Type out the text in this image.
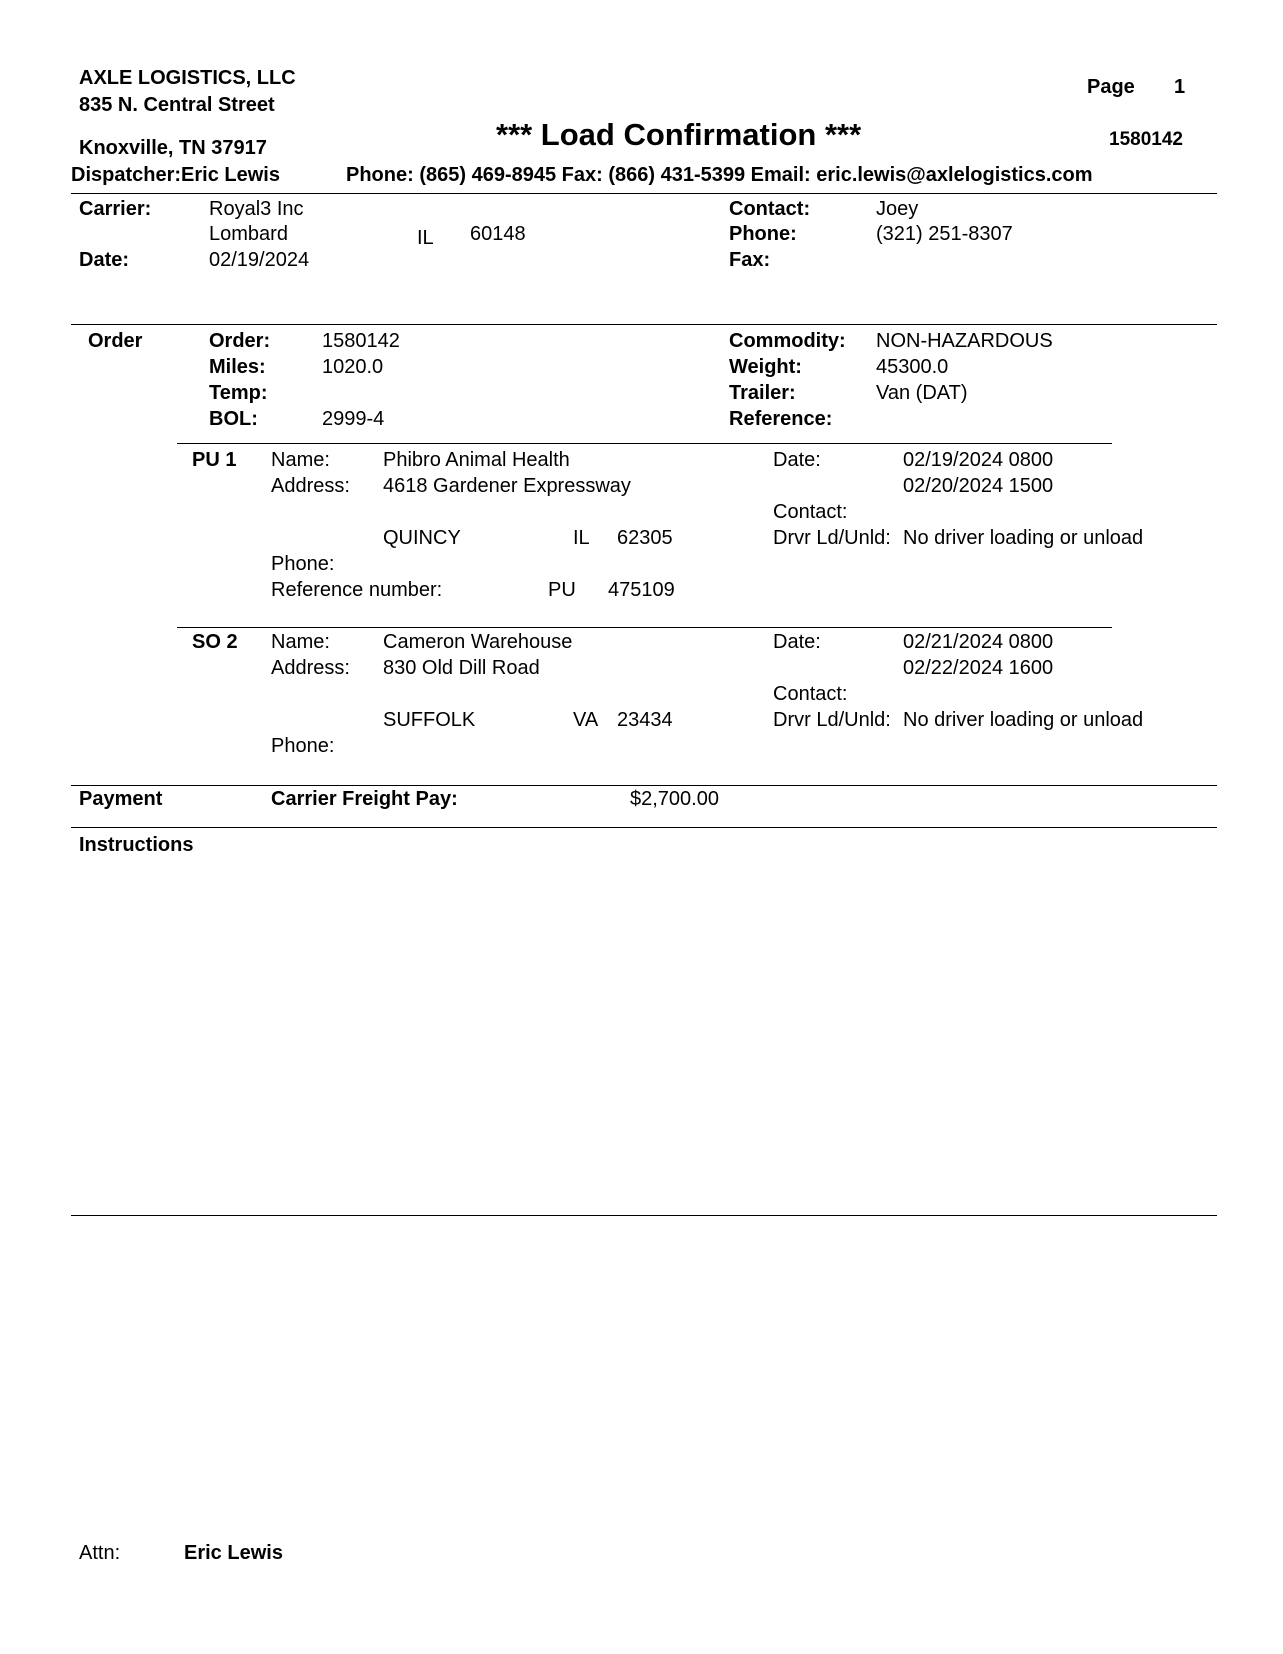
AXLE LOGISTICS, LLC
835 N. Central Street
Knoxville, TN 37917
Dispatcher:Eric Lewis
*** Load Confirmation ***
Phone: (865) 469-8945 Fax: (866) 431-5399 Email: eric.lewis@axlelogistics.com
Page 1
1580142
Carrier:	Royal3 Inc
Lombard	IL 60148
Date:	02/19/2024
Contact:	Joey
Phone:	(321) 251-8307
Fax:
Order	Order:	1580142
Miles:	1020.0
Temp:
BOL:	2999-4
Commodity: NON-HAZARDOUS
Weight:	45300.0
Trailer:	Van (DAT)
Reference:
PU 1 Name:	Phibro Animal Health
Address: 4618 Gardener Expressway
QUINCY	IL 62305
Phone:
Reference number:	PU 475109
Date:	02/19/2024 0800
02/20/2024 1500
Contact:
Drvr Ld/Unld: No driver loading or unload
SO 2 Name:	Cameron Warehouse
Address: 830 Old Dill Road
SUFFOLK	VA 23434
Phone:
Date:	02/21/2024 0800
02/22/2024 1600
Contact:
Drvr Ld/Unld: No driver loading or unload
Payment	Carrier Freight Pay:	$2,700.00
Instructions
Attn:	Eric Lewis
